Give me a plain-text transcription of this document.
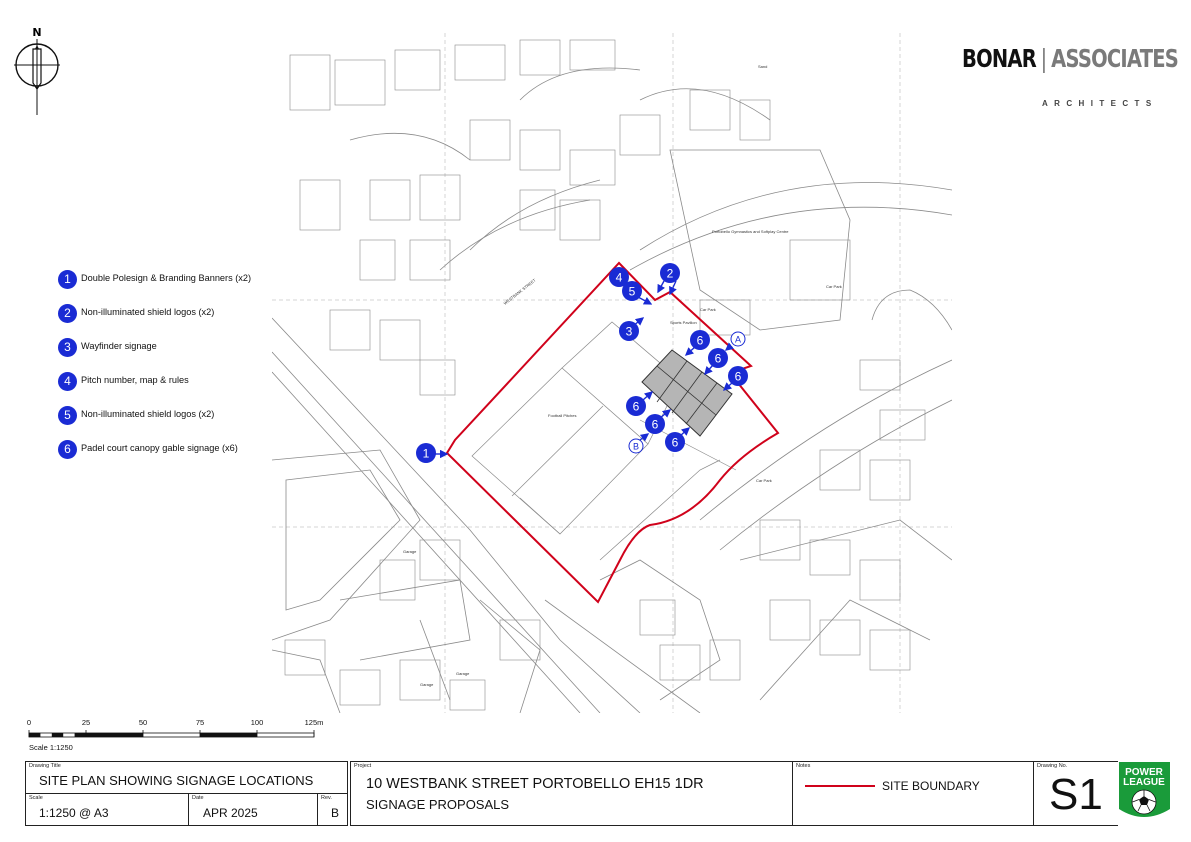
N
BONAR | ASSOCIATES
ARCHITECTS
1	Double Polesign & Branding Banners (x2)
2	Non-illuminated shield logos (x2)
3	Wayfinder signage
4	Pitch number, map & rules
5	Non-illuminated shield logos (x2)
6	Padel court canopy gable signage (x6)
Football Pitches
Sports Pavilion
Car Park
Car Park
Car Park
Portobello Gymnastics and Softplay Centre
Sand
WESTBANK STREET
Garage
Garage
Garage
1
4
5
2
3
6
6
6
6
6
6
A
B
0	25	50	75	100	125m
Scale 1:1250
Drawing Title
SITE PLAN SHOWING SIGNAGE LOCATIONS
Scale
1:1250 @ A3
Date
APR 2025
Rev.
B
Project
10 WESTBANK STREET PORTOBELLO EH15 1DR
SIGNAGE PROPOSALS
Notes
SITE BOUNDARY
Drawing No.
S1 POWER
LEAGUE
